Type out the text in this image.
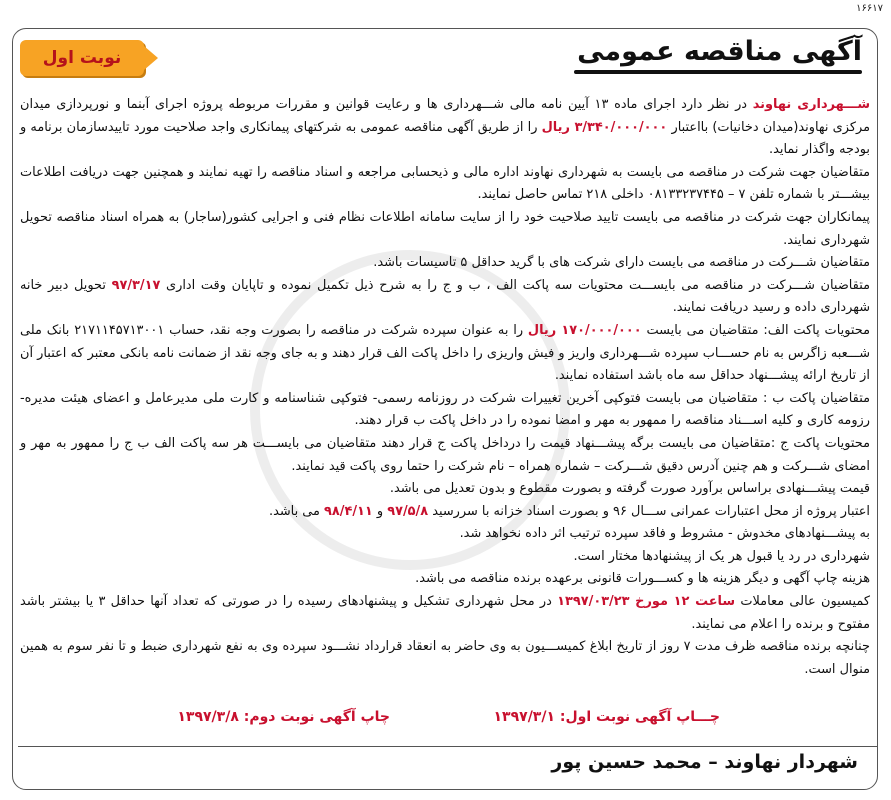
۱۶۶۱۷
آگهی مناقصه عمومی
نوبت اول

شـــهرداری نهاوند در نظر دارد اجرای ماده ۱۳ آیین نامه مالی شـــهرداری ها و رعایت قوانین و مقررات مربوطه پروژه اجرای آبنما و نورپردازی میدان مرکزی نهاوند(میدان دخانیات) بااعتبار ۳/۳۴۰/۰۰۰/۰۰۰ ریال را از طریق آگهی مناقصه عمومی به شرکتهای پیمانکاری واجد صلاحیت مورد تاییدسازمان برنامه و بودجه واگذار نماید.

متقاضیان جهت شرکت در مناقصه می بایست به شهرداری نهاوند اداره مالی و ذیحسابی مراجعه و اسناد مناقصه را تهیه نمایند و همچنین جهت دریافت اطلاعات بیشـــتر با شماره تلفن ۷ – ۰۸۱۳۳۲۳۷۴۴۵ داخلی ۲۱۸ تماس حاصل نمایند.

پیمانکاران جهت شرکت در مناقصه می بایست تایید صلاحیت خود را از سایت سامانه اطلاعات نظام فنی و اجرایی کشور(ساجار) به همراه اسناد مناقصه تحویل شهرداری نمایند.

متقاضیان شـــرکت در مناقصه می بایست دارای شرکت های با گرید حداقل ۵ تاسیسات باشد.

متقاضیان شـــرکت در مناقصه می بایســـت محتویات سه پاکت الف ، ب و ج را به شرح ذیل تکمیل نموده و تاپایان وقت اداری ۹۷/۳/۱۷ تحویل دبیر خانه شهرداری داده و رسید دریافت نمایند.

محتویات پاکت الف: متقاضیان می بایست ۱۷۰/۰۰۰/۰۰۰ ریال را به عنوان سپرده شرکت در مناقصه را بصورت وجه نقد، حساب ۲۱۷۱۱۴۵۷۱۳۰۰۱ بانک ملی شـــعبه زاگرس به نام حســـاب سپرده شـــهرداری واریز و فیش واریزی را داخل پاکت الف قرار دهند و به جای وجه نقد از ضمانت نامه بانکی معتبر که اعتبار آن از تاریخ ارائه پیشـــنهاد حداقل سه ماه باشد استفاده نمایند.

متقاضیان پاکت ب : متقاضیان می بایست فتوکپی آخرین تغییرات شرکت در روزنامه رسمی- فتوکپی شناسنامه و کارت ملی مدیرعامل و اعضای هیئت مدیره- رزومه کاری و کلیه اســـناد مناقصه را ممهور به مهر و امضا نموده را در داخل پاکت ب قرار دهند.

محتویات پاکت ج :متقاضیان می بایست برگه پیشـــنهاد قیمت را درداخل پاکت ج قرار دهند متقاضیان می بایســـت هر سه پاکت الف ب ج را ممهور به مهر و امضای شـــرکت و هم چنین آدرس دقیق شـــرکت – شماره همراه – نام شرکت را حتما روی پاکت قید نمایند.

قیمت پیشـــنهادی براساس برآورد صورت گرفته و بصورت مقطوع و بدون تعدیل می باشد.

اعتبار پروژه از محل اعتبارات عمرانی ســـال ۹۶ و بصورت اسناد خزانه با سررسید ۹۷/۵/۸ و ۹۸/۴/۱۱ می باشد.

به پیشـــنهادهای مخدوش - مشروط و فاقد سپرده ترتیب اثر داده نخواهد شد.

شهرداری در رد یا قبول هر یک از پیشنهادها مختار است.

هزینه چاپ آگهی و دیگر هزینه ها و کســـورات قانونی برعهده برنده مناقصه می باشد.

کمیسیون عالی معاملات ساعت ۱۲ مورخ ۱۳۹۷/۰۳/۲۳ در محل شهرداری تشکیل و پیشنهادهای رسیده را در صورتی که تعداد آنها حداقل ۳ یا بیشتر باشد مفتوح و برنده را اعلام می نمایند.

چنانچه برنده مناقصه ظرف مدت ۷ روز از تاریخ ابلاغ کمیســـیون به وی حاضر به انعقاد قرارداد نشـــود سپرده وی به نفع شهرداری ضبط و تا نفر سوم به همین منوال است.

چـــاپ آگهی نوبت اول: ۱۳۹۷/۳/۱
چاپ آگهی نوبت دوم: ۱۳۹۷/۳/۸
شهردار نهاوند – محمد حسین پور
